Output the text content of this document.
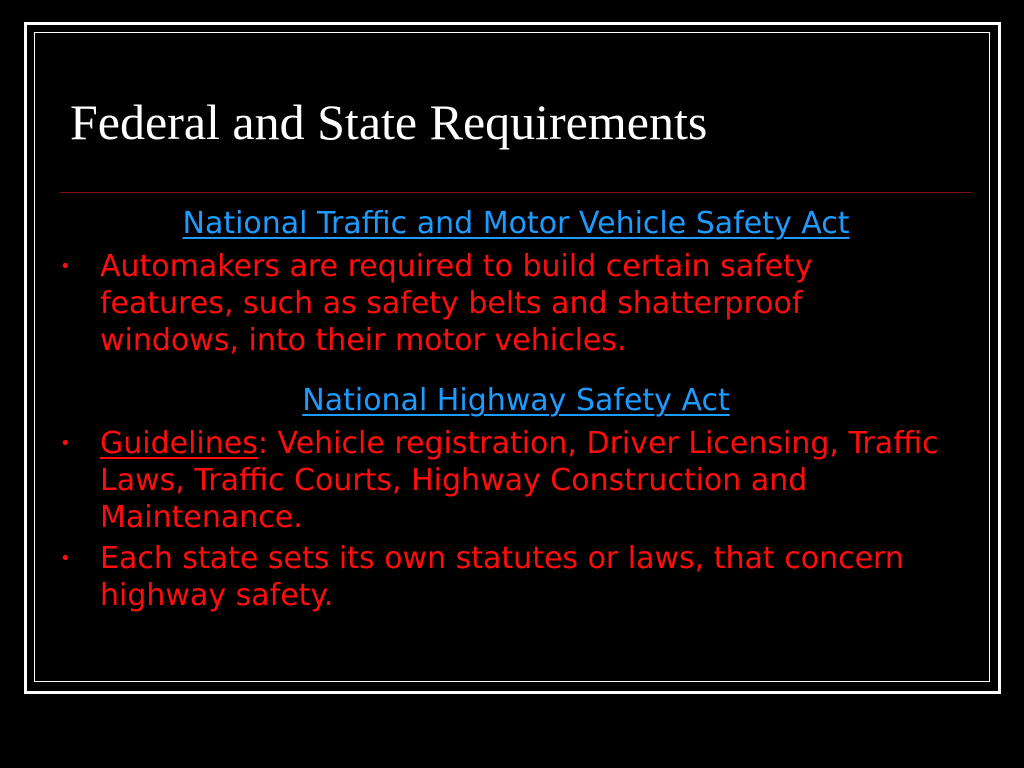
Federal and State Requirements

National Traffic and Motor Vehicle Safety Act

• Automakers are required to build certain safety features, such as safety belts and shatterproof windows, into their motor vehicles.

National Highway Safety Act

• Guidelines: Vehicle registration, Driver Licensing, Traffic Laws, Traffic Courts, Highway Construction and Maintenance.
• Each state sets its own statutes or laws, that concern highway safety.
